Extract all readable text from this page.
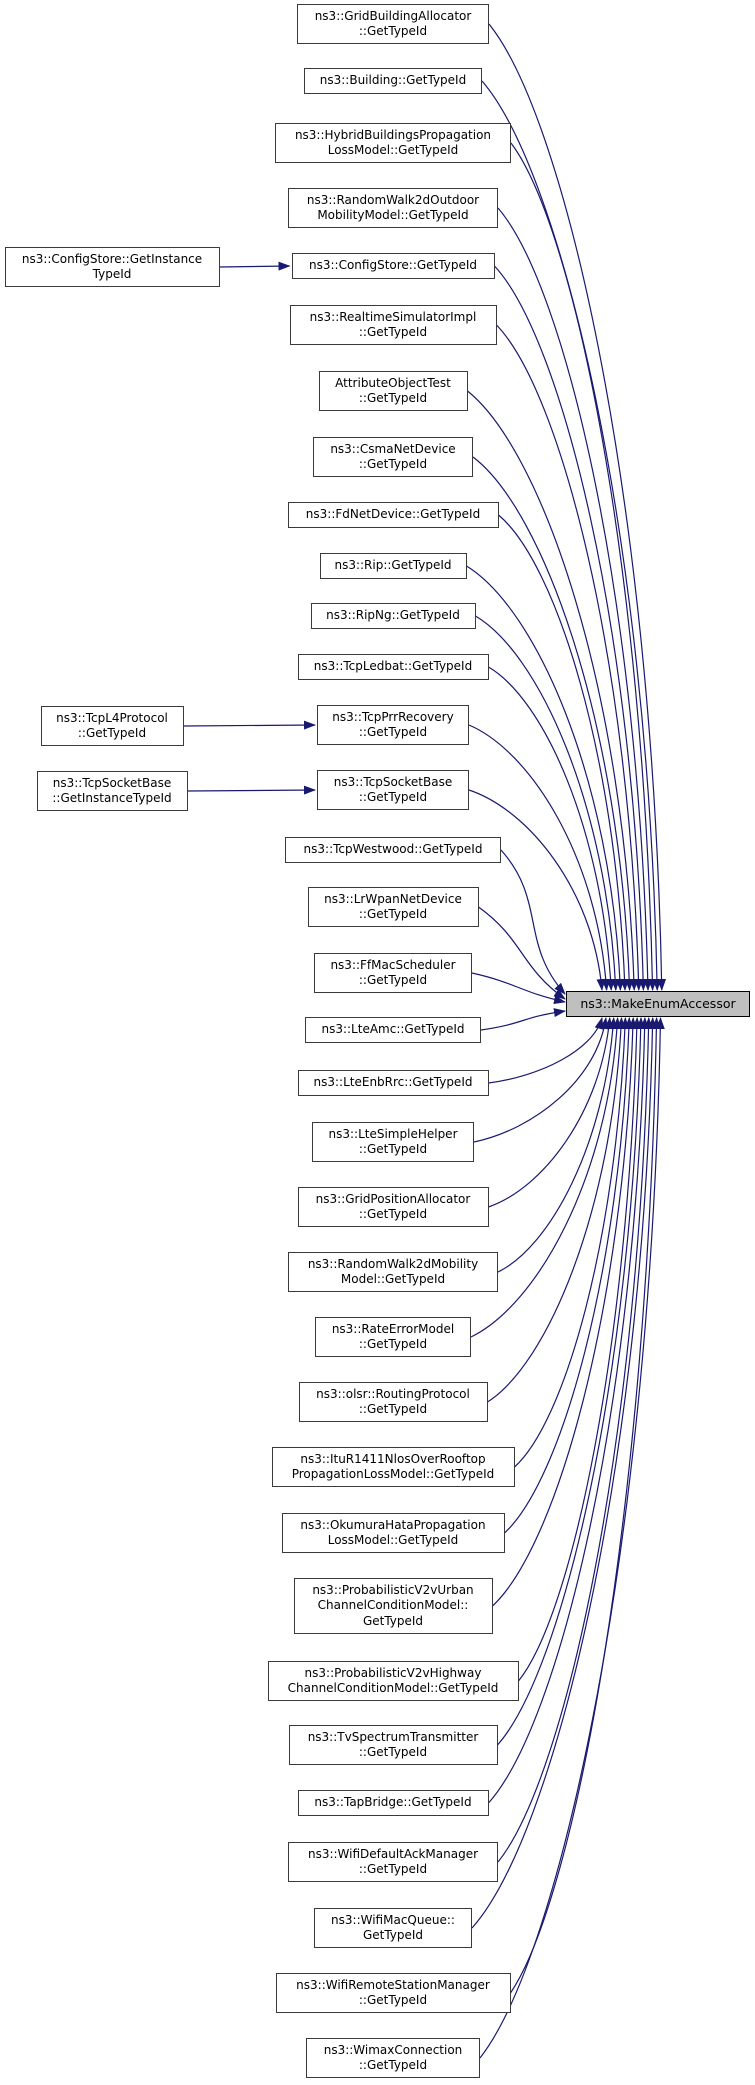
ns3::GridBuildingAllocator
::GetTypeId
ns3::Building::GetTypeId
ns3::HybridBuildingsPropagation
LossModel::GetTypeId
ns3::RandomWalk2dOutdoor
MobilityModel::GetTypeId
ns3::ConfigStore::GetTypeId
ns3::RealtimeSimulatorImpl
::GetTypeId
AttributeObjectTest
::GetTypeId
ns3::CsmaNetDevice
::GetTypeId
ns3::FdNetDevice::GetTypeId
ns3::Rip::GetTypeId
ns3::RipNg::GetTypeId
ns3::TcpLedbat::GetTypeId
ns3::TcpPrrRecovery
::GetTypeId
ns3::TcpSocketBase
::GetTypeId
ns3::TcpWestwood::GetTypeId
ns3::LrWpanNetDevice
::GetTypeId
ns3::FfMacScheduler
::GetTypeId
ns3::LteAmc::GetTypeId
ns3::LteEnbRrc::GetTypeId
ns3::LteSimpleHelper
::GetTypeId
ns3::GridPositionAllocator
::GetTypeId
ns3::RandomWalk2dMobility
Model::GetTypeId
ns3::RateErrorModel
::GetTypeId
ns3::olsr::RoutingProtocol
::GetTypeId
ns3::ItuR1411NlosOverRooftop
PropagationLossModel::GetTypeId
ns3::OkumuraHataPropagation
LossModel::GetTypeId
ns3::ProbabilisticV2vUrban
ChannelConditionModel::
GetTypeId
ns3::ProbabilisticV2vHighway
ChannelConditionModel::GetTypeId
ns3::TvSpectrumTransmitter
::GetTypeId
ns3::TapBridge::GetTypeId
ns3::WifiDefaultAckManager
::GetTypeId
ns3::WifiMacQueue::
GetTypeId
ns3::WifiRemoteStationManager
::GetTypeId
ns3::WimaxConnection
::GetTypeId
ns3::ConfigStore::GetInstance
TypeId
ns3::TcpL4Protocol
::GetTypeId
ns3::TcpSocketBase
::GetInstanceTypeId
ns3::MakeEnumAccessor
